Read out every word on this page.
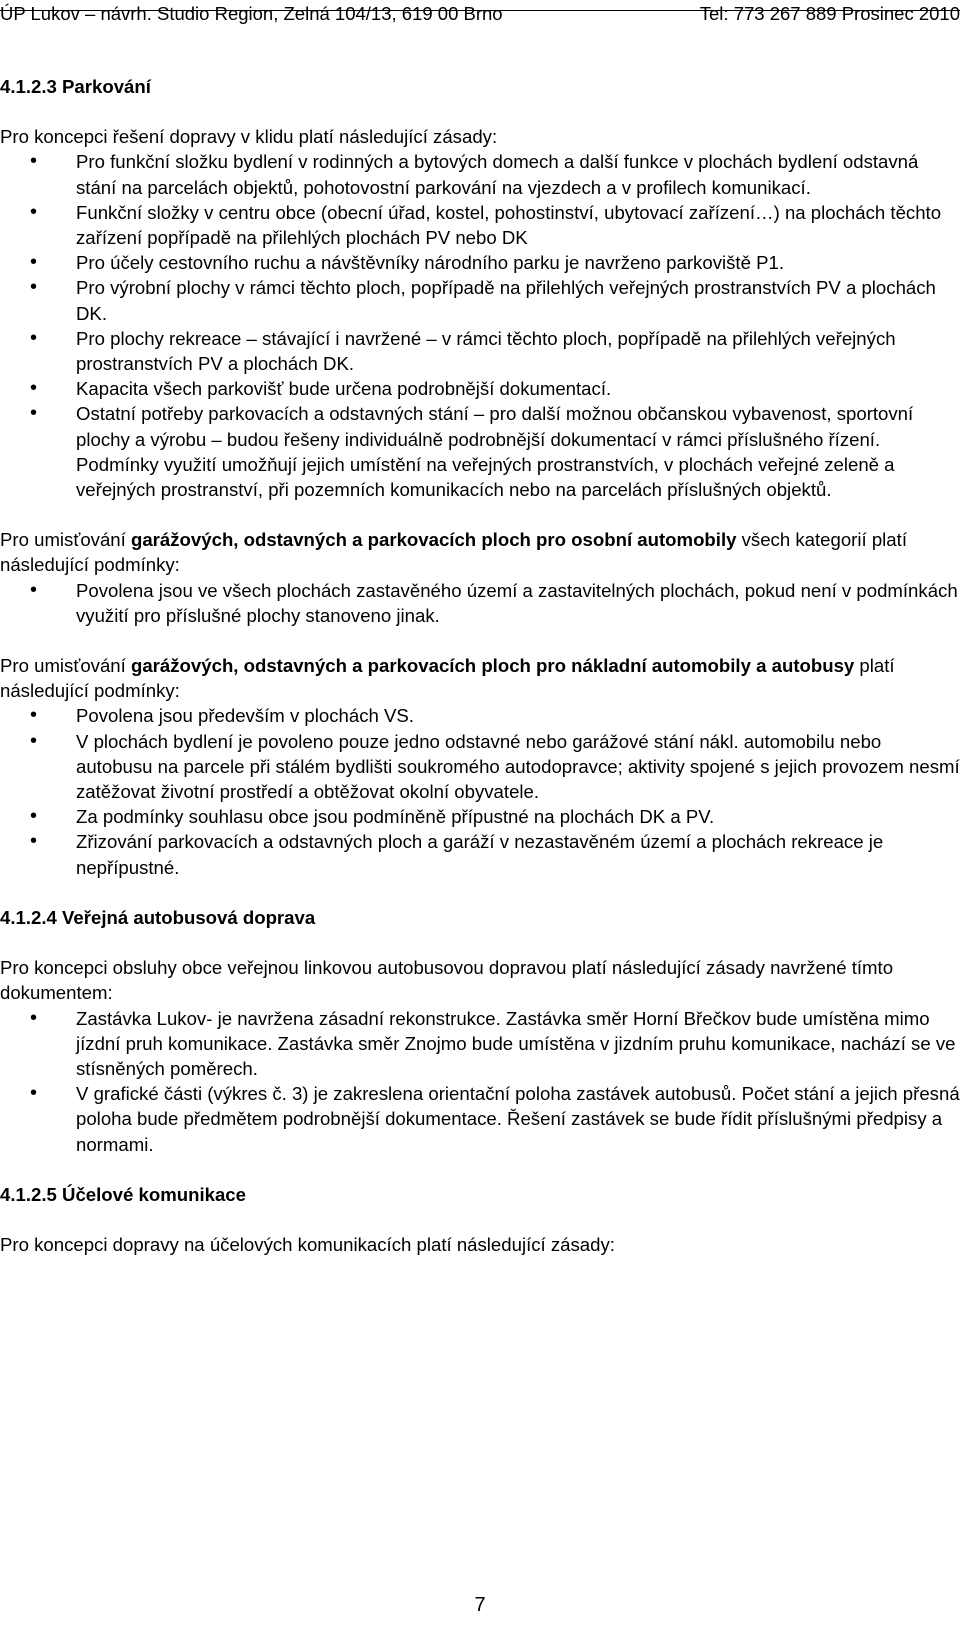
ÚP Lukov – návrh. Studio Region, Zelná 104/13, 619 00 Brno	Tel: 773 267 889 Prosinec 2010
4.1.2.3 Parkování
Pro koncepci řešení dopravy v klidu platí následující zásady:
• Pro funkční složku bydlení v rodinných a bytových domech a další funkce v plochách bydlení odstavná stání na parcelách objektů, pohotovostní parkování na vjezdech a v profilech komunikací.
• Funkční složky v centru obce (obecní úřad, kostel, pohostinství, ubytovací zařízení…) na plochách těchto zařízení popřípadě na přilehlých plochách PV nebo DK
• Pro účely cestovního ruchu a návštěvníky národního parku je navrženo parkoviště P1.
• Pro výrobní plochy v rámci těchto ploch, popřípadě na přilehlých veřejných prostranstvích PV a plochách DK.
• Pro plochy rekreace – stávající i navržené – v rámci těchto ploch, popřípadě na přilehlých veřejných prostranstvích PV a plochách DK.
• Kapacita všech parkovišť bude určena podrobnější dokumentací.
• Ostatní potřeby parkovacích a odstavných stání – pro další možnou občanskou vybavenost, sportovní plochy a výrobu – budou řešeny individuálně podrobnější dokumentací v rámci příslušného řízení. Podmínky využití umožňují jejich umístění na veřejných prostranstvích, v plochách veřejné zeleně a veřejných prostranství, při pozemních komunikacích nebo na parcelách příslušných objektů.
Pro umisťování garážových, odstavných a parkovacích ploch pro osobní automobily všech kategorií platí následující podmínky:
• Povolena jsou ve všech plochách zastavěného území a zastavitelných plochách, pokud není v podmínkách využití pro příslušné plochy stanoveno jinak.
Pro umisťování garážových, odstavných a parkovacích ploch pro nákladní automobily a autobusy platí následující podmínky:
• Povolena jsou především v plochách VS.
• V plochách bydlení je povoleno pouze jedno odstavné nebo garážové stání nákl. automobilu nebo autobusu na parcele při stálém bydlišti soukromého autodopravce; aktivity spojené s jejich provozem nesmí zatěžovat životní prostředí a obtěžovat okolní obyvatele.
• Za podmínky souhlasu obce jsou podmíněně přípustné na plochách DK a PV.
• Zřizování parkovacích a odstavných ploch a garáží v nezastavěném území a plochách rekreace je nepřípustné.
4.1.2.4 Veřejná autobusová doprava
Pro koncepci obsluhy obce veřejnou linkovou autobusovou dopravou platí následující zásady navržené tímto dokumentem:
• Zastávka Lukov- je navržena zásadní rekonstrukce. Zastávka směr Horní Břečkov bude umístěna mimo jízdní pruh komunikace. Zastávka směr Znojmo bude umístěna v jizdním pruhu komunikace, nachází se ve stísněných poměrech.
• V grafické části (výkres č. 3) je zakreslena orientační poloha zastávek autobusů. Počet stání a jejich přesná poloha bude předmětem podrobnější dokumentace. Řešení zastávek se bude řídit příslušnými předpisy a normami.
4.1.2.5 Účelové komunikace
Pro koncepci dopravy na účelových komunikacích platí následující zásady:
7
